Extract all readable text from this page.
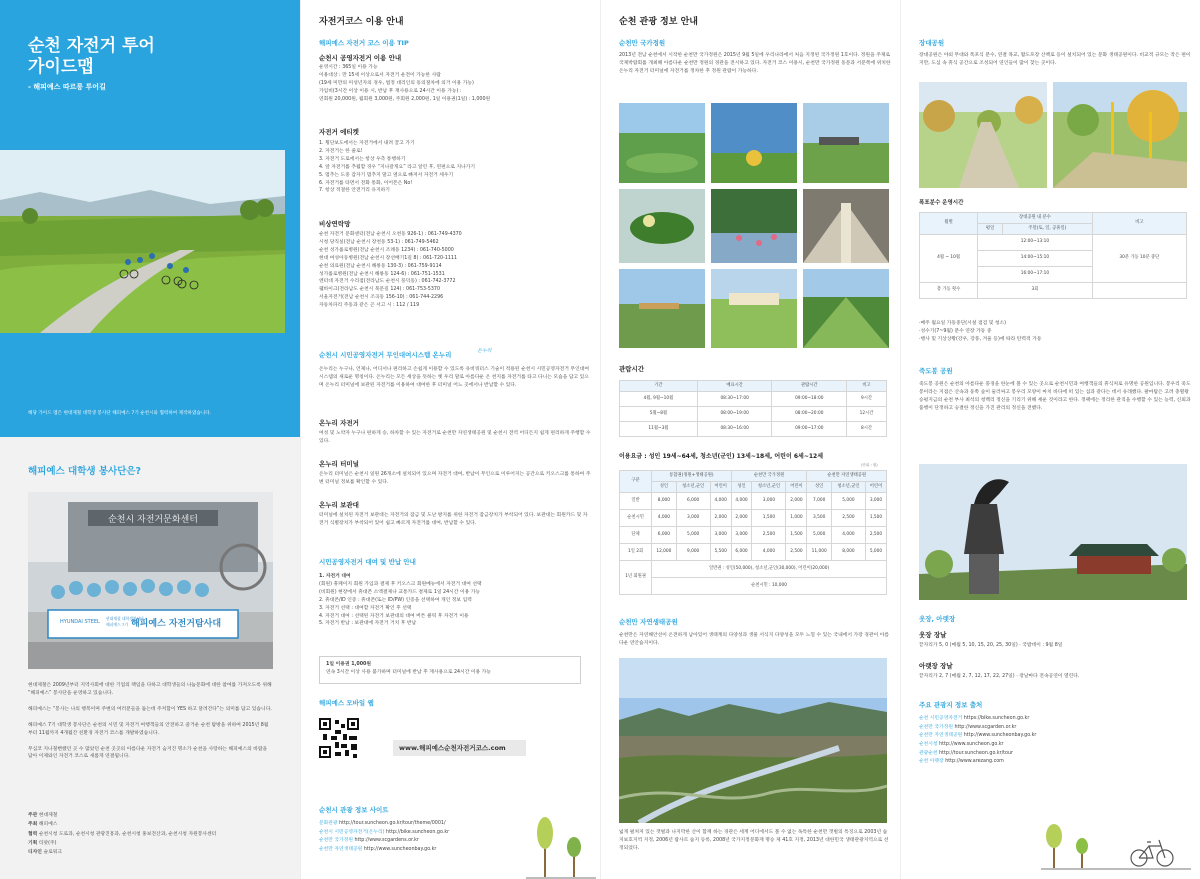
순천 자전거 투어
가이드맵
- 해피예스 따르릉 투어길
해당 가이드 맵은 현대제철 대학생 봉사단 해피예스 7기 순천시와 협력하여 제작하였습니다.
해피예스 대학생 봉사단은?
순천시 자전거문화센터
HYUNDAI STEEL
현대제철 대학생봉사단
해피예스 7기 해피예스 자전거탐사대

현대제철은 2009년부터 지역사회에 대한 기업의 책임을 다하고 대학생들의 나눔문화에 대한 참여를 가져오도록 위해 “해피예스” 봉사단을 운영하고 있습니다.

해피예스는 “봉사는 나의 행복이며 주변의 여러분들을 돕는데 주저함이 YES 하고 달려간다”는 의미를 담고 있습니다.

해피예스 7기 대학생 봉사단은 순천의 시민 및 자전거 여행객들의 안전하고 즐거운 순천 탐방을 위하여 2015년 8월부터 11월까지 4개월간 친환경 자전거 코스를 개발하였습니다.

무심코 지나칠뻔했던 곳 수 많았던 순천 곳곳의 아름다운 자전거 숨겨진 명소가 순천을 사랑하는 해피예스의 바람을 담아 이제와인 자전거 코스로 새롭게 연결됩니다.

주관 현대제철
주최 해피예스
협력 순천시청 도로과, 순천시청 관광진흥과, 순천시청 홍보전산과, 순천시청 자원봉사센터
기획 티팟(주)
디자인 슬로워크
자전거코스 이용 안내
해피예스 자전거 코스 이용 TIP
순천시 공영자전거 이용 안내
운영시간 : 365일 이용 가능
이용대상 : 만 15세 이상으로서 자전거 운전이 가능한 사람
(19세 미만의 미성년자의 경우, 법정 대리인의 동의절차에 의거 이용 가능)
가입비(3시간 이상 이용 시, 반납 후 재사용으로 24시간 이용 가능) :
연회원 20,000원, 월회원 3,000원, 주회원 2,000원, 1일 이용권(1일) : 1,000원
자전거 에티켓
1. 횡단보도에서는 자전거에서 내려 끌고 가기
2. 자전거는 한 줄로!
3. 자전거 도로에서는 항상 우측 통행하기
4. 앞 자전거를 추월할 경우 “지나갈게요” 라고 알린 후, 왼편으로 지나가기
5. 멈추는 도중 갑자기 멈추지 말고 옆으로 빠져서 자전거 세우기
6. 자전거를 타면서 전화 통화, 이어폰은 No!
7. 항상 적절한 안전거리 유지하기
비상연락망
순천 자전거 문화센터(전남 순천시 오천동 926-1) : 061-749-4370
시청 당직실(전남 순천시 장천동 53-1) : 061-749-5462
순천 성가롤로병원(전남 순천시 조례동 1234) : 061-740-5000
현대 여성아동병원(전남 순천시 장선배기1길 8) : 061-720-1111
순천 의료원(전남 순천시 해룡동 130-3) : 061-759-9114
성가롤로병원(전남 순천시 해룡동 124-6) : 061-751-1531
엔터대 자전거 수리점(전라남도 순천시 풍덕동) : 061-742-3772
웰바이크(전라남도 순천시 북문길 124) : 061-753-5370
서울자전거(전남 순천시 조곡동 156-10) : 061-744-2296
자동차파리 주동과 같은 곤 서고 시 : 112 / 119
순천시 시민공영자전거 무인대여시스템 온누리	온누리
온누리는 누구나, 언제나, 어디서나 편리하고 손쉽게 이용할 수 있도록 유비쿼터스 기술이 적용된 순천시 시민공영자전거 무인대여시스템의 새로운 명칭이다. 온누리는 모든 세상을 뜻하는 옛 우리 말로 아름다운 온 천지를 자전거를 타고 다니는 모습을 담고 있으며 온누리 터미널에 보관된 자전거를 이용하여 대여한 후 터미널 어느 곳에서나 반납할 수 있다.
온누리 자전거
여성 및 노약자 누구나 편하게 승, 하차할 수 있는 자전거로 순천만 자연생태공원 및 순천시 전역 어디든지 쉽게 편리하게 주행할 수 있다.
온누리 터미널
온누리 터미널은 순천시 일원 26개소에 설치되어 있으며 자전거 대여, 반납이 무인으로 이루어지는 공간으로 키오스크를 통하여 주변 터미널 정보를 확인할 수 있다.
온누리 보관대
터미널에 설치된 자전거 보관대는 자전거의 잠금 및 도난 방지를 위한 자전거 잠금장치가 부착되어 있다. 보관대는 회원카드 및 자전거 식별장치가 부착되어 있어 쉽고 빠르게 자전거를 대여, 반납할 수 있다.
시민공영자전거 대여 및 반납 안내
1. 자전거 대여
(회원) 휴페이지 회원 가입과 결제 후 키오스크 회원메뉴에서 자전거 대여 선택
(비회원) 현장에서 휴대폰 소액결제나 교통카드 결제로 1일 24시간 이용 가능
2. 휴대폰/ID 인증 : 휴대폰(또는 ID/PW) 인증을 선택하여 개인 정보 입력
3. 자전거 선택 : 대여할 자전거 확인 후 선택
4. 자전거 대여 : 선택된 자전거 보관대의 대여 버튼 클릭 후 자전거 이용
5. 자전거 반납 : 보관대에 자전거 거치 후 반납
1일 이용권 1,000원
연속 3시간 이상 사용 불가하며 터미널에 반납 후 재사용으로 24시간 이용 가능
해피예스 모바일 웹
www.해피예스순천자전거코스.com
순천시 관광 정보 사이트
문화관광 http://tour.suncheon.go.kr/tour/theme/0001/
순천시 시민공영자전거(온누리) http://bike.suncheon.go.kr
순천만 국가정원 http://www.scgardens.or.kr
순천만 자연생태공원 http://www.suncheonbay.go.kr
순천 관광 정보 안내
순천만 국가정원
2013년 전남 순천에서 시작한 순천만 국가정원은 2015년 9월 5일에 우리나라에서 처음 지정된 국가정원 1호이다. 정원을 주제로 국제박람회를 개최해 아름다운 순천만 정원의 경관을 전시하고 있다. 자전거 코스 이용시, 순천만 국가정원 동문과 서문쪽에 위치한 온누리 자전거 터미널에 자전거를 정차한 후 정원 관람이 가능하다.
관람시간
기간	매표시간	관람시간	비고
4월, 9월~10월	08:30~17:00	09:00~18:00	9시간
5월~8월	08:00~19:00	08:00~20:00	12시간
11월~3월	08:30~16:00	09:00~17:00	8시간
이용요금 : 성인 19세~64세, 청소년(군인) 13세~18세, 어린이 6세~12세
(단위 : 원)
구분	통합권(정원+생태공원)			순천만 국가정원			순천만 자연생태공원		
	성인	청소년,군인	어린이	성인	청소년,군인	어린이	성인	청소년,군인	어린이
일반	8,000	6,000	4,000	4,000	3,000	2,000	7,000	5,000	3,000
순천시민	4,000	3,000	2,000	2,000	1,500	1,000	3,500	2,500	1,500
단체	6,000	5,000	3,000	3,000	2,500	1,500	5,000	4,000	2,500
1일 2회	12,000	9,000	5,500	6,000	4,000	2,500	11,000	8,000	5,000
1년 회원권	일반권 : 성인(50,000), 청소년,군인(30,000), 어린이(20,000)								
	순천시민 : 10,000								
순천만 자연생태공원
순천만은 자연해안선이 온전하게 남아있어 생태계의 다양성과 생물 서식지 다양성을 모두 느낄 수 있는 국내에서 가장 경관이 아름다운 연안습지이다.
넓게 펼쳐져 있는 갯벌과 나지막한 산이 함께 하는 경관은 세계 어디에서도 볼 수 없는 독특한 순천만 갯벌의 특징으로 2003년 습지보호지역 지정, 2006년 람사르 습지 등록, 2008년 국가지정문화재 명승 제 41호 지정, 2013년 대한민국 생태관광지역으로 선정되었다.
장대공원
장대공원은 야외 무대와 폭포식 분수, 연결 목교, 활도포장 산책로 등이 설치되어 있는 문화 생태공원이다. 비교적 규모는 작은 편이지만, 도심 속 휴식 공간으로 조성되어 연인들이 많이 찾는 곳이다.
폭포분수 운영시간
월별	장대공원 내 분수		비고
	평일	주말(토, 일, 공휴일)	
4월 ~ 10월	12:00~13:10		30분 가동 10분 중단
	14:00~15:10		
	16:00~17:10		
총 가동 횟수	3회		
·매주 월요일 가동중단(시설 점검 및 청소)
·성수기(7~9월) 분수 연장 가동 중
·행사 및 기상상황(강우, 강풍, 겨울 등)에 따라 탄력적 가동
죽도봉 공원
죽도봉 공원은 순천의 아름다운 풍경을 한눈에 볼 수 있는 곳으로 순천시민과 여행객들의 휴식처로 유명한 공원입니다. 봉우리 죽도봉이라는 지점은 산속과 동쪽 숲이 둘러싸고 봉우리 모양이 마치 바다에 떠 있는 섬과 같다는 데서 유래했다. 팔마탑은 고려 충렬왕 승평지금의 순천 부사 최석의 청백리 정신을 기리기 위해 세운 것이라고 한다. 정팩에는 정리한 관직을 수행할 수 있는 능력, 신뢰과 품행이 단정하고 숭결한 정신을 가진 관리의 정신을 전했다.
웃장, 아랫장
웃장 장날
끝자리가 5, 0 (매월 5, 10, 15, 20, 25, 30일) · 국밥데이 : 9월 8일
아랫장 장날
끝자리가 2, 7 (매월 2, 7, 12, 17, 22, 27일) · 장날마다 전속공연이 열린다.
주요 관광지 정보 출처
순천 시민공영자전거 https://bike.suncheon.go.kr
순천만 국가정원 http://www.scgarden.or.kr
순천만 자연생태공원 http://www.suncheonbay.go.kr
순천시청 http://www.suncheon.go.kr
관광순천 http://tour.suncheon.go.kr/tour
순천 아랫장 http://www.arezang.com
